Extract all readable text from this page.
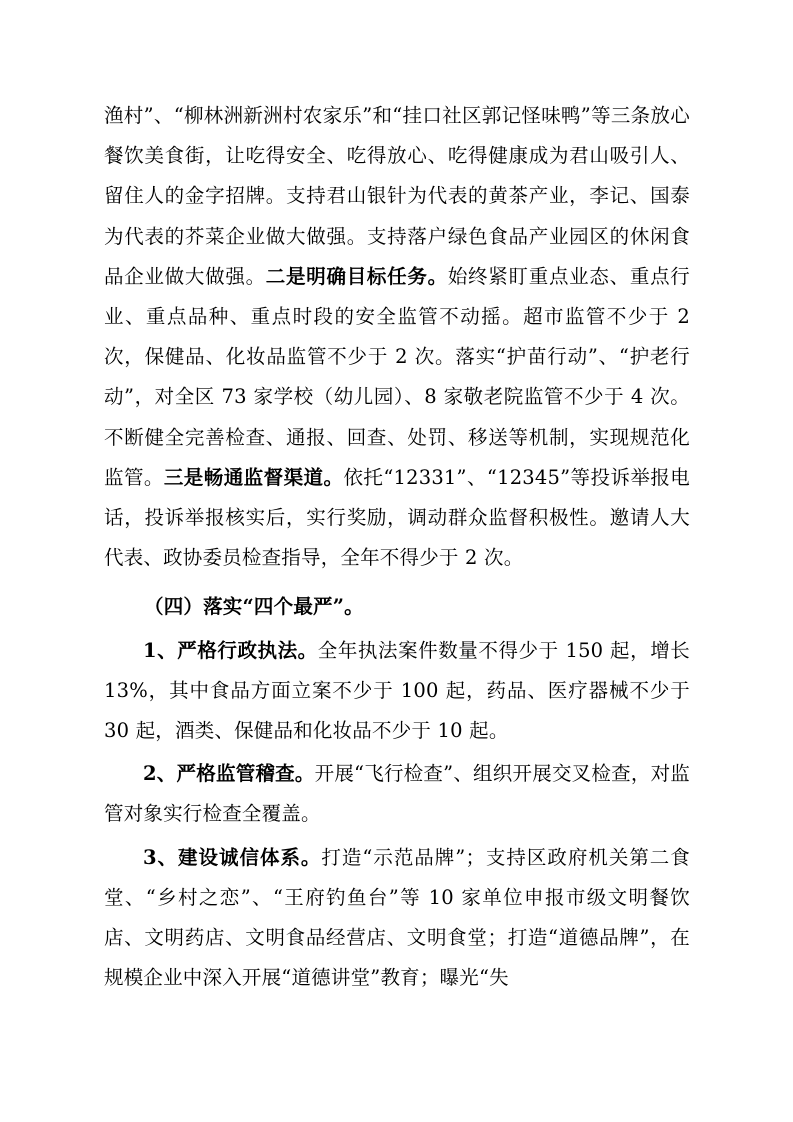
渔村”、“柳林洲新洲村农家乐”和“挂口社区郭记怪味鸭”等三条放心餐饮美食街，让吃得安全、吃得放心、吃得健康成为君山吸引人、留住人的金字招牌。支持君山银针为代表的黄茶产业，李记、国泰为代表的芥菜企业做大做强。支持落户绿色食品产业园区的休闲食品企业做大做强。二是明确目标任务。始终紧盯重点业态、重点行业、重点品种、重点时段的安全监管不动摇。超市监管不少于 2 次，保健品、化妆品监管不少于 2 次。落实“护苗行动”、“护老行动”，对全区 73 家学校（幼儿园）、8 家敬老院监管不少于 4 次。不断健全完善检查、通报、回查、处罚、移送等机制，实现规范化监管。三是畅通监督渠道。依托“12331”、“12345”等投诉举报电话，投诉举报核实后，实行奖励，调动群众监督积极性。邀请人大代表、政协委员检查指导，全年不得少于 2 次。

（四）落实“四个最严”。

1、严格行政执法。全年执法案件数量不得少于 150 起，增长 13%，其中食品方面立案不少于 100 起，药品、医疗器械不少于 30 起，酒类、保健品和化妆品不少于 10 起。

2、严格监管稽查。开展“飞行检查”、组织开展交叉检查，对监管对象实行检查全覆盖。

3、建设诚信体系。打造“示范品牌”；支持区政府机关第二食堂、“乡村之恋”、“王府钓鱼台”等 10 家单位申报市级文明餐饮店、文明药店、文明食品经营店、文明食堂；打造“道德品牌”，在规模企业中深入开展“道德讲堂”教育；曝光“失
